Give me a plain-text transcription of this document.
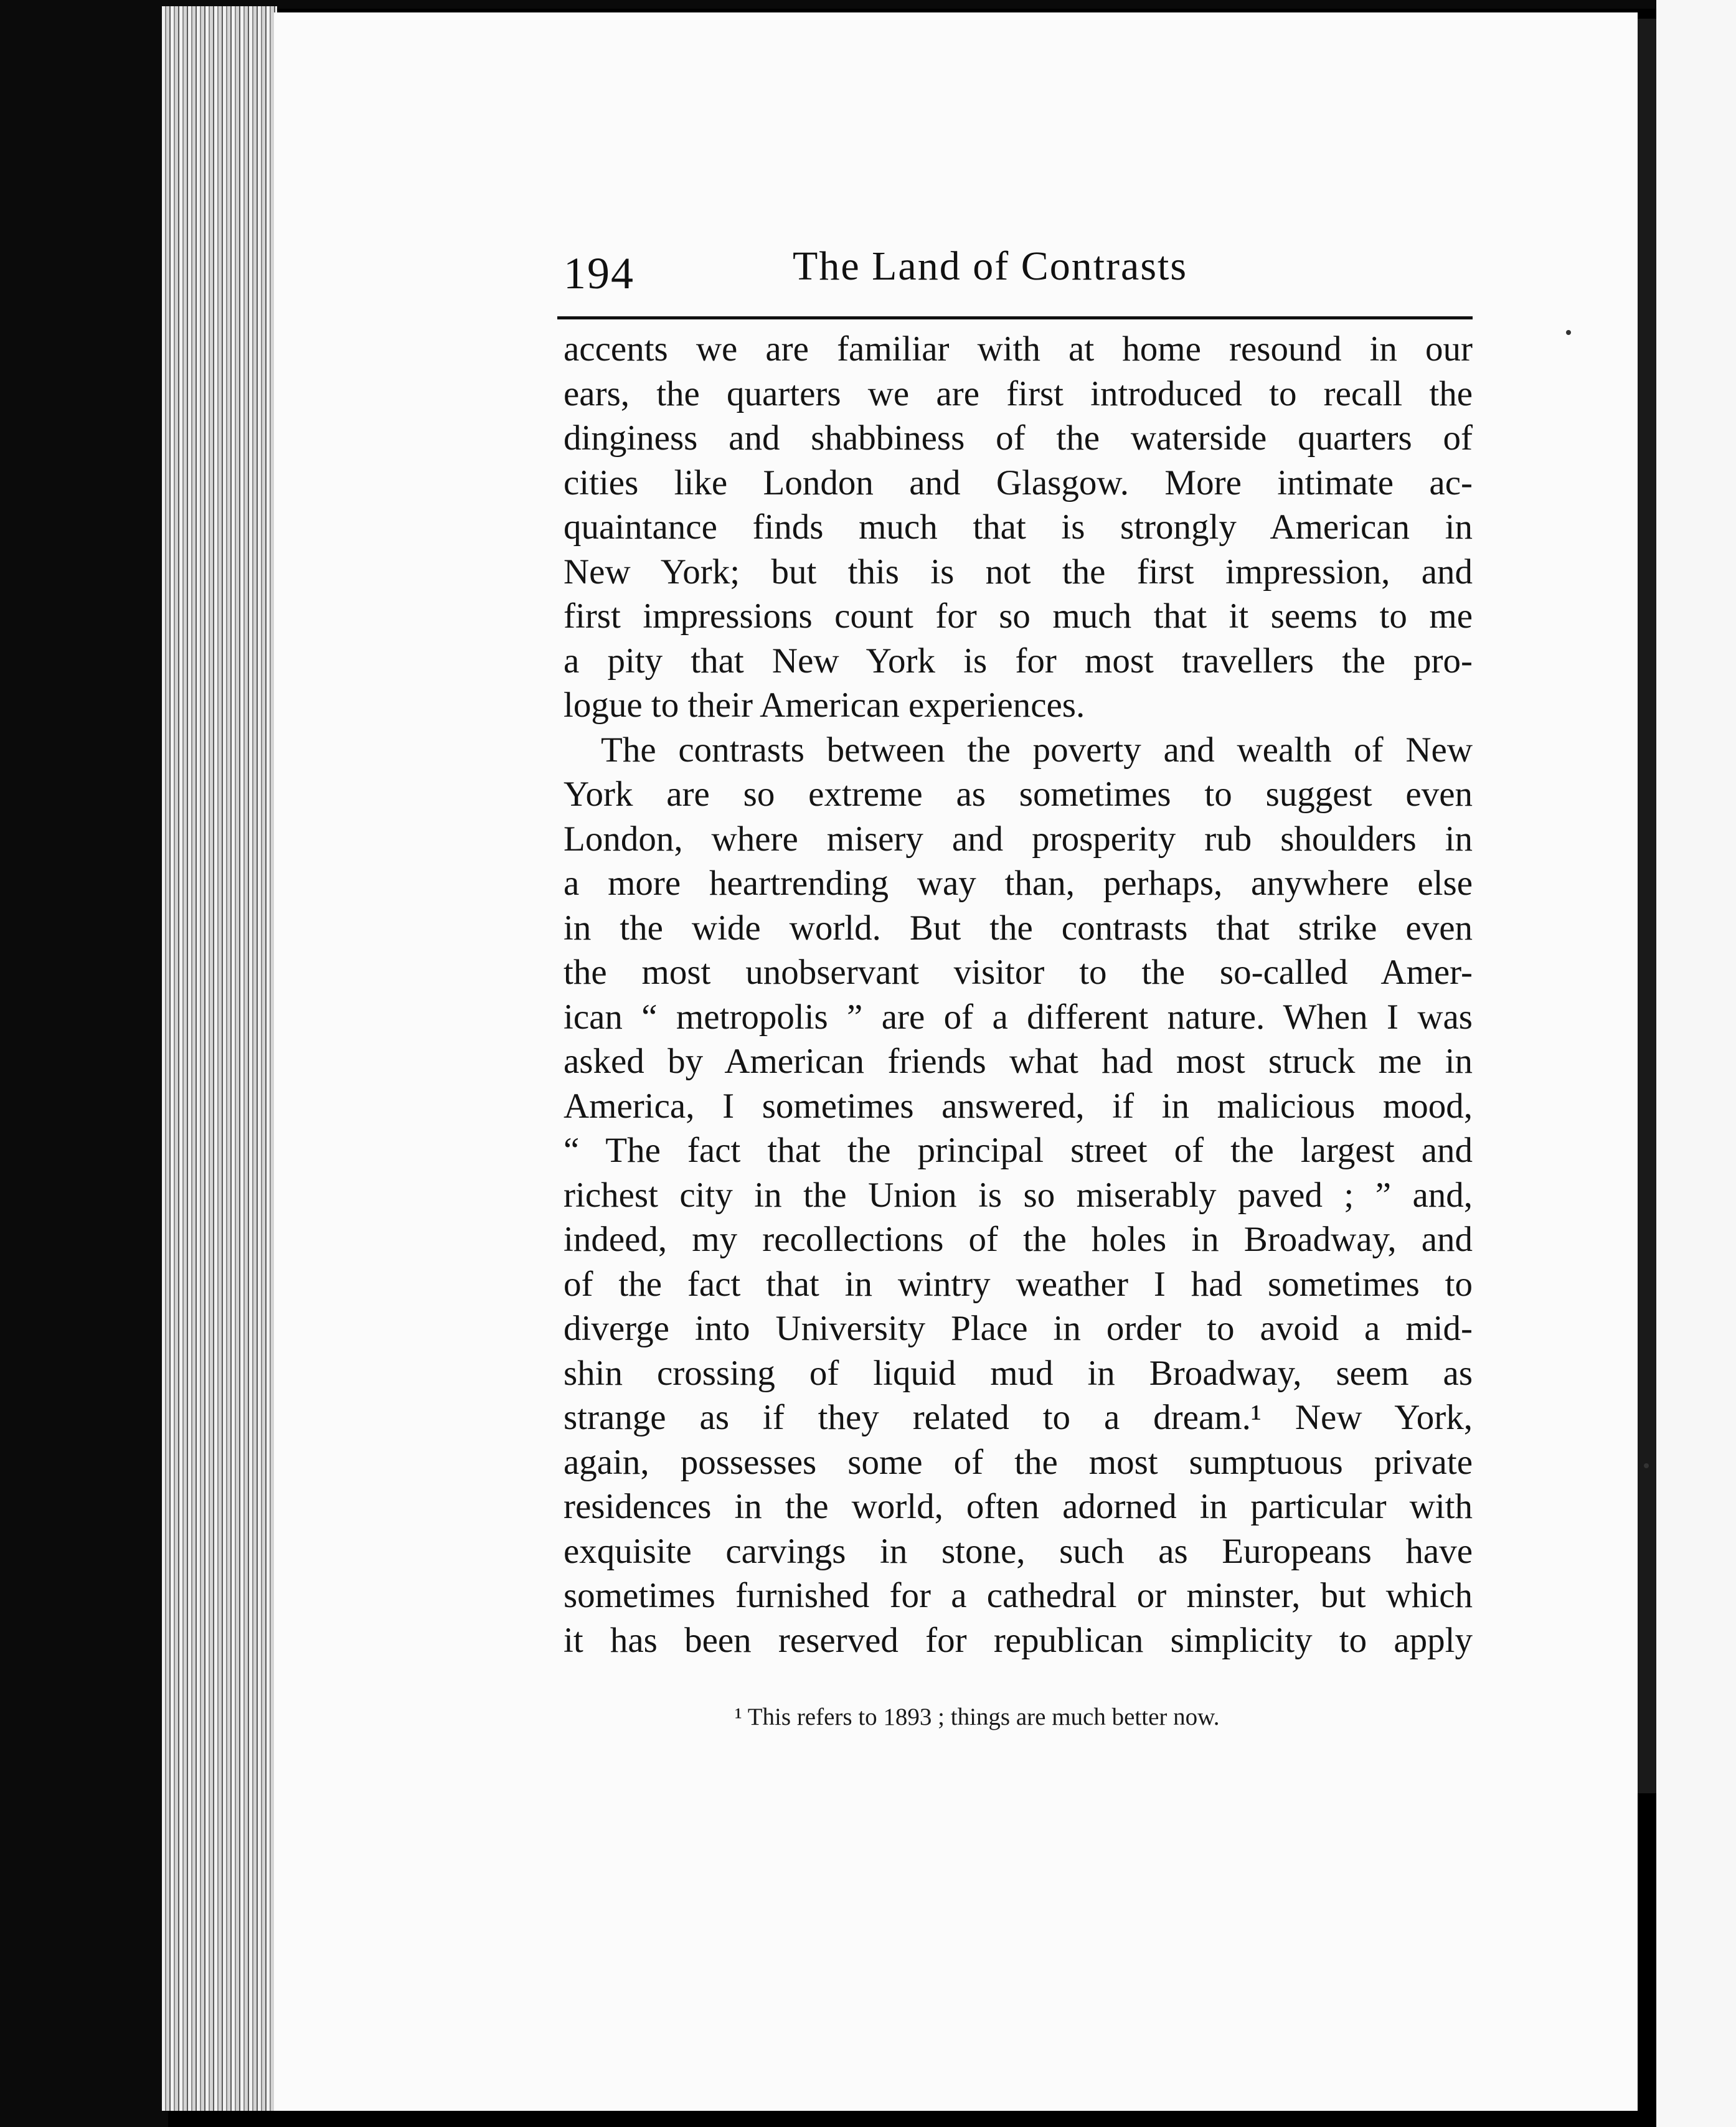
194	The Land of Contrasts
accents we are familiar with at home resound in our
ears, the quarters we are first introduced to recall the
dinginess and shabbiness of the waterside quarters of
cities like London and Glasgow. More intimate ac-
quaintance finds much that is strongly American in
New York; but this is not the first impression, and
first impressions count for so much that it seems to me
a pity that New York is for most travellers the pro-
logue to their American experiences.
The contrasts between the poverty and wealth of New
York are so extreme as sometimes to suggest even
London, where misery and prosperity rub shoulders in
a more heartrending way than, perhaps, anywhere else
in the wide world. But the contrasts that strike even
the most unobservant visitor to the so-called Amer-
ican “ metropolis ” are of a different nature. When I was
asked by American friends what had most struck me in
America, I sometimes answered, if in malicious mood,
“ The fact that the principal street of the largest and
richest city in the Union is so miserably paved ; ” and,
indeed, my recollections of the holes in Broadway, and
of the fact that in wintry weather I had sometimes to
diverge into University Place in order to avoid a mid-
shin crossing of liquid mud in Broadway, seem as
strange as if they related to a dream.¹ New York,
again, possesses some of the most sumptuous private
residences in the world, often adorned in particular with
exquisite carvings in stone, such as Europeans have
sometimes furnished for a cathedral or minster, but which
it has been reserved for republican simplicity to apply
¹ This refers to 1893 ; things are much better now.
